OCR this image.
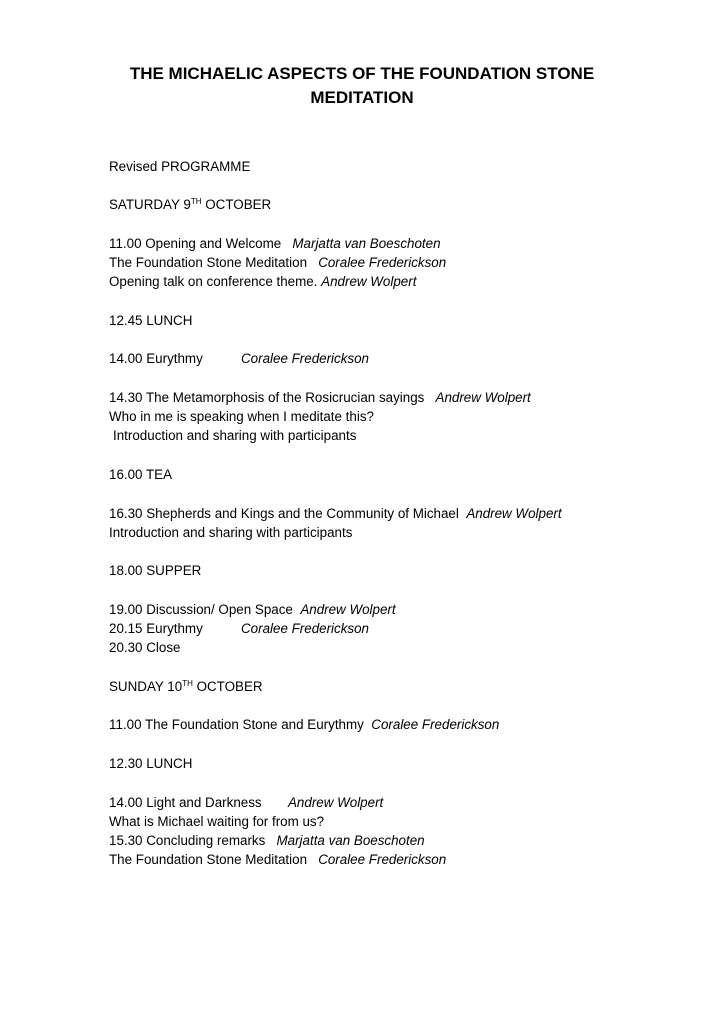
THE MICHAELIC ASPECTS OF THE FOUNDATION STONE
MEDITATION
Revised PROGRAMME
SATURDAY 9TH OCTOBER
11.00 Opening and Welcome Marjatta van Boeschoten
The Foundation Stone Meditation Coralee Frederickson
Opening talk on conference theme. Andrew Wolpert
12.45 LUNCH
14.00 Eurythmy	Coralee Frederickson
14.30 The Metamorphosis of the Rosicrucian sayings Andrew Wolpert
Who in me is speaking when I meditate this?
Introduction and sharing with participants
16.00 TEA
16.30 Shepherds and Kings and the Community of Michael Andrew Wolpert
Introduction and sharing with participants
18.00 SUPPER
19.00 Discussion/ Open Space Andrew Wolpert
20.15 Eurythmy	Coralee Frederickson
20.30 Close
SUNDAY 10TH OCTOBER
11.00 The Foundation Stone and Eurythmy Coralee Frederickson
12.30 LUNCH
14.00 Light and Darkness Andrew Wolpert
What is Michael waiting for from us?
15.30 Concluding remarks Marjatta van Boeschoten
The Foundation Stone Meditation Coralee Frederickson
